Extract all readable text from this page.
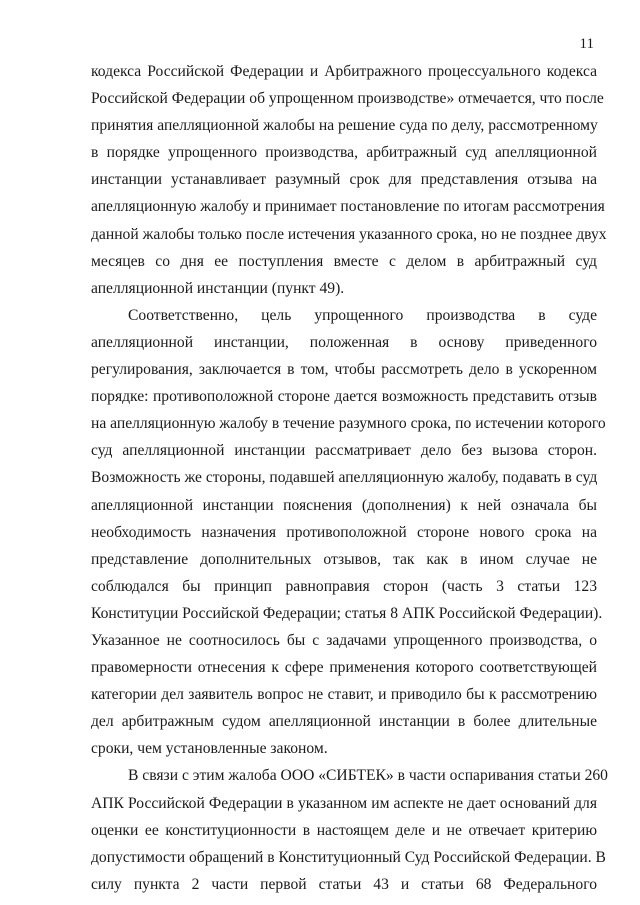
11
кодекса Российской Федерации и Арбитражного процессуального кодекса
Российской Федерации об упрощенном производстве» отмечается, что после
принятия апелляционной жалобы на решение суда по делу, рассмотренному
в порядке упрощенного производства, арбитражный суд апелляционной
инстанции устанавливает разумный срок для представления отзыва на
апелляционную жалобу и принимает постановление по итогам рассмотрения
данной жалобы только после истечения указанного срока, но не позднее двух
месяцев со дня ее поступления вместе с делом в арбитражный суд
апелляционной инстанции (пункт 49).
Соответственно, цель упрощенного производства в суде
апелляционной инстанции, положенная в основу приведенного
регулирования, заключается в том, чтобы рассмотреть дело в ускоренном
порядке: противоположной стороне дается возможность представить отзыв
на апелляционную жалобу в течение разумного срока, по истечении которого
суд апелляционной инстанции рассматривает дело без вызова сторон.
Возможность же стороны, подавшей апелляционную жалобу, подавать в суд
апелляционной инстанции пояснения (дополнения) к ней означала бы
необходимость назначения противоположной стороне нового срока на
представление дополнительных отзывов, так как в ином случае не
соблюдался бы принцип равноправия сторон (часть 3 статьи 123
Конституции Российской Федерации; статья 8 АПК Российской Федерации).
Указанное не соотносилось бы с задачами упрощенного производства, о
правомерности отнесения к сфере применения которого соответствующей
категории дел заявитель вопрос не ставит, и приводило бы к рассмотрению
дел арбитражным судом апелляционной инстанции в более длительные
сроки, чем установленные законом.
В связи с этим жалоба ООО «СИБТЕК» в части оспаривания статьи 260
АПК Российской Федерации в указанном им аспекте не дает оснований для
оценки ее конституционности в настоящем деле и не отвечает критерию
допустимости обращений в Конституционный Суд Российской Федерации. В
силу пункта 2 части первой статьи 43 и статьи 68 Федерального
